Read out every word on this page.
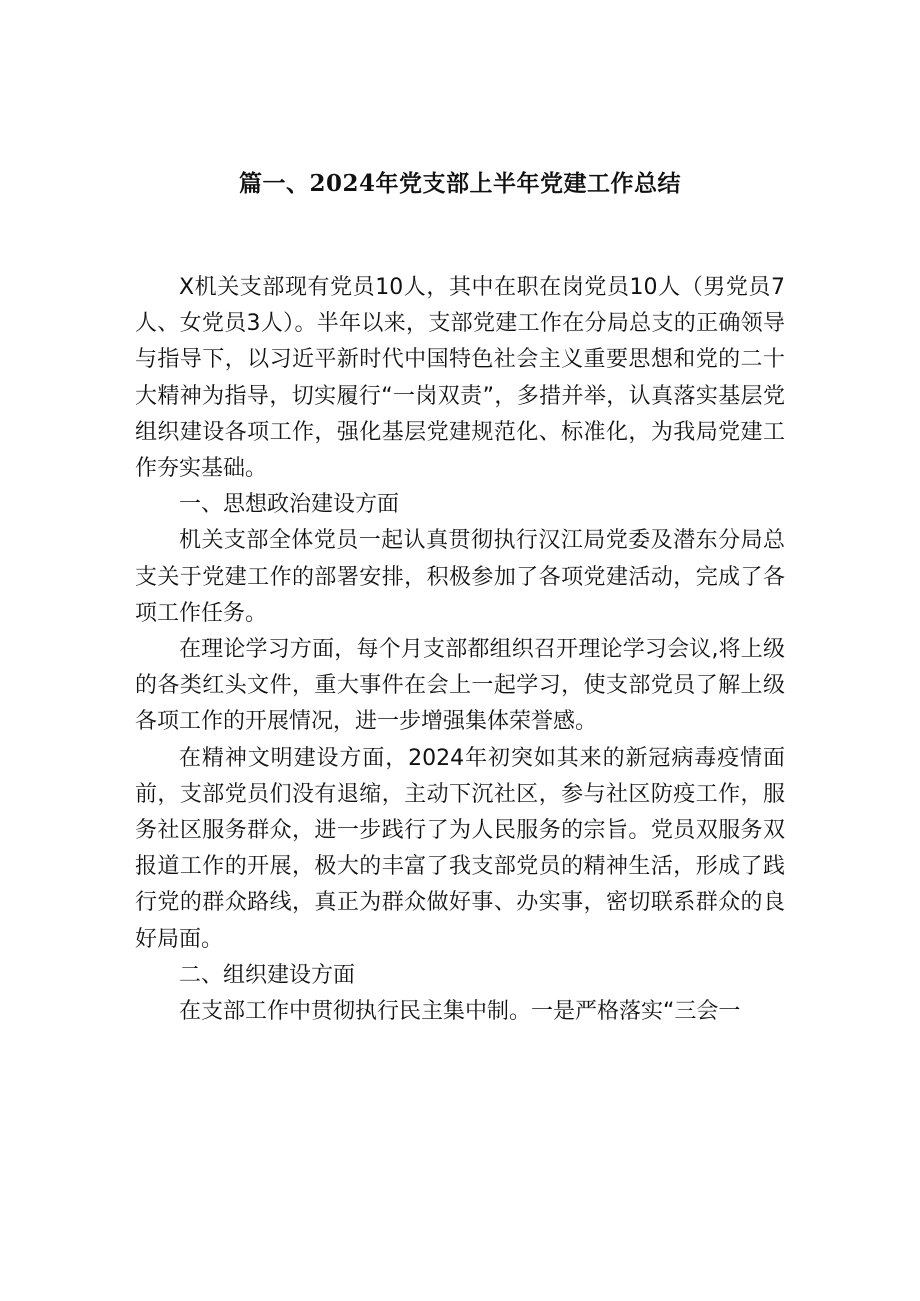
篇一、2024年党支部上半年党建工作总结

X机关支部现有党员10人，其中在职在岗党员10人（男党员7人、女党员3人）。半年以来，支部党建工作在分局总支的正确领导与指导下，以习近平新时代中国特色社会主义重要思想和党的二十大精神为指导，切实履行“一岗双责”，多措并举，认真落实基层党组织建设各项工作，强化基层党建规范化、标准化，为我局党建工作夯实基础。

一、思想政治建设方面

机关支部全体党员一起认真贯彻执行汉江局党委及潜东分局总支关于党建工作的部署安排，积极参加了各项党建活动，完成了各项工作任务。

在理论学习方面，每个月支部都组织召开理论学习会议,将上级的各类红头文件，重大事件在会上一起学习，使支部党员了解上级各项工作的开展情况，进一步增强集体荣誉感。

在精神文明建设方面，2024年初突如其来的新冠病毒疫情面前，支部党员们没有退缩，主动下沉社区，参与社区防疫工作，服务社区服务群众，进一步践行了为人民服务的宗旨。党员双服务双报道工作的开展，极大的丰富了我支部党员的精神生活，形成了践行党的群众路线，真正为群众做好事、办实事，密切联系群众的良好局面。

二、组织建设方面

在支部工作中贯彻执行民主集中制。一是严格落实“三会一
